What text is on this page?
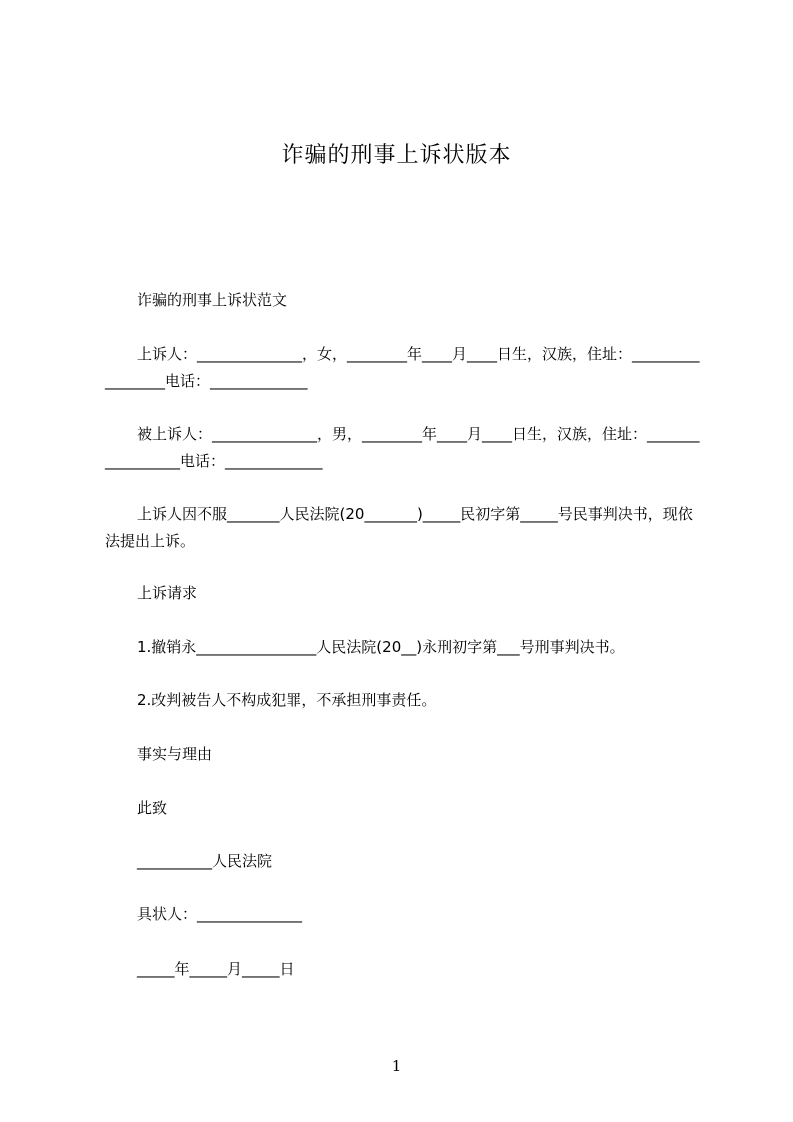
诈骗的刑事上诉状版本
诈骗的刑事上诉状范文
上诉人：______________，女，________年____月____日生，汉族，住址：_________________电话：_____________
被上诉人：______________，男，________年____月____日生，汉族，住址：_________________电话：_____________
上诉人因不服_______人民法院(20_______)_____民初字第_____号民事判决书，现依法提出上诉。
上诉请求
1.撤销永________________人民法院(20__)永刑初字第___号刑事判决书。
2.改判被告人不构成犯罪，不承担刑事责任。
事实与理由
此致
__________人民法院
具状人：______________
_____年_____月_____日
1
